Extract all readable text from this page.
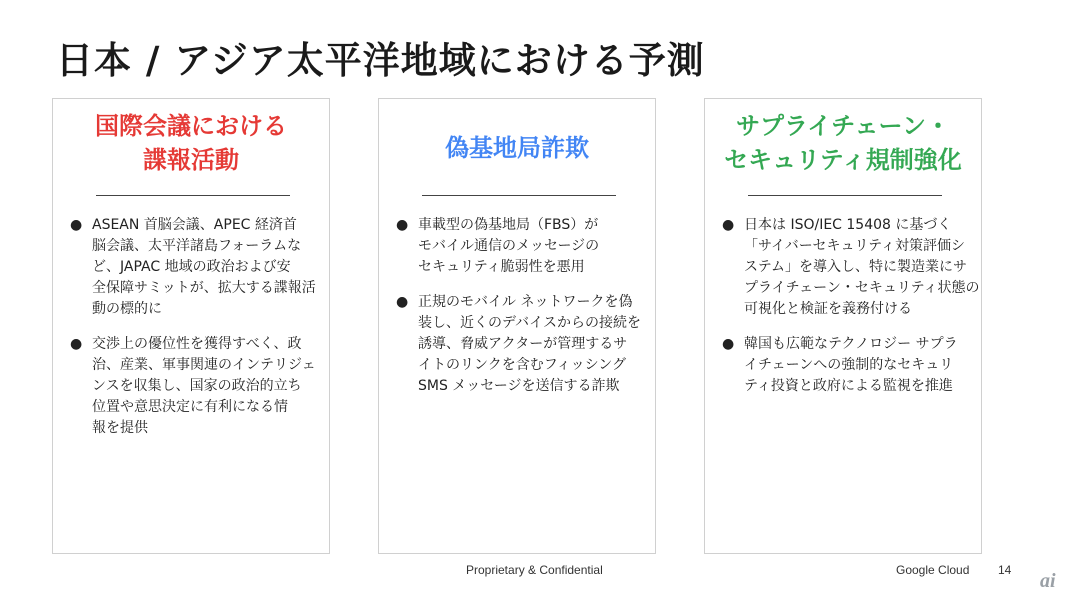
日本 / アジア太平洋地域における予測
国際会議における
諜報活動
● ASEAN 首脳会議、APEC 経済首
脳会議、太平洋諸島フォーラムな
ど、JAPAC 地域の政治および安
全保障サミットが、拡大する諜報活
動の標的に
● 交渉上の優位性を獲得すべく、政
治、産業、軍事関連のインテリジェ
ンスを収集し、国家の政治的立ち
位置や意思決定に有利になる情
報を提供
偽基地局詐欺
● 車載型の偽基地局（FBS）が
モバイル通信のメッセージの
セキュリティ脆弱性を悪用
● 正規のモバイル ネットワークを偽
装し、近くのデバイスからの接続を
誘導、脅威アクターが管理するサ
イトのリンクを含むフィッシング
SMS メッセージを送信する詐欺
サプライチェーン・
セキュリティ規制強化
● 日本は ISO/IEC 15408 に基づく
「サイバーセキュリティ対策評価シ
ステム」を導入し、特に製造業にサ
プライチェーン・セキュリティ状態の
可視化と検証を義務付ける
● 韓国も広範なテクノロジー サプラ
イチェーンへの強制的なセキュリ
ティ投資と政府による監視を推進
Proprietary & Confidential	Google Cloud 14 ai
